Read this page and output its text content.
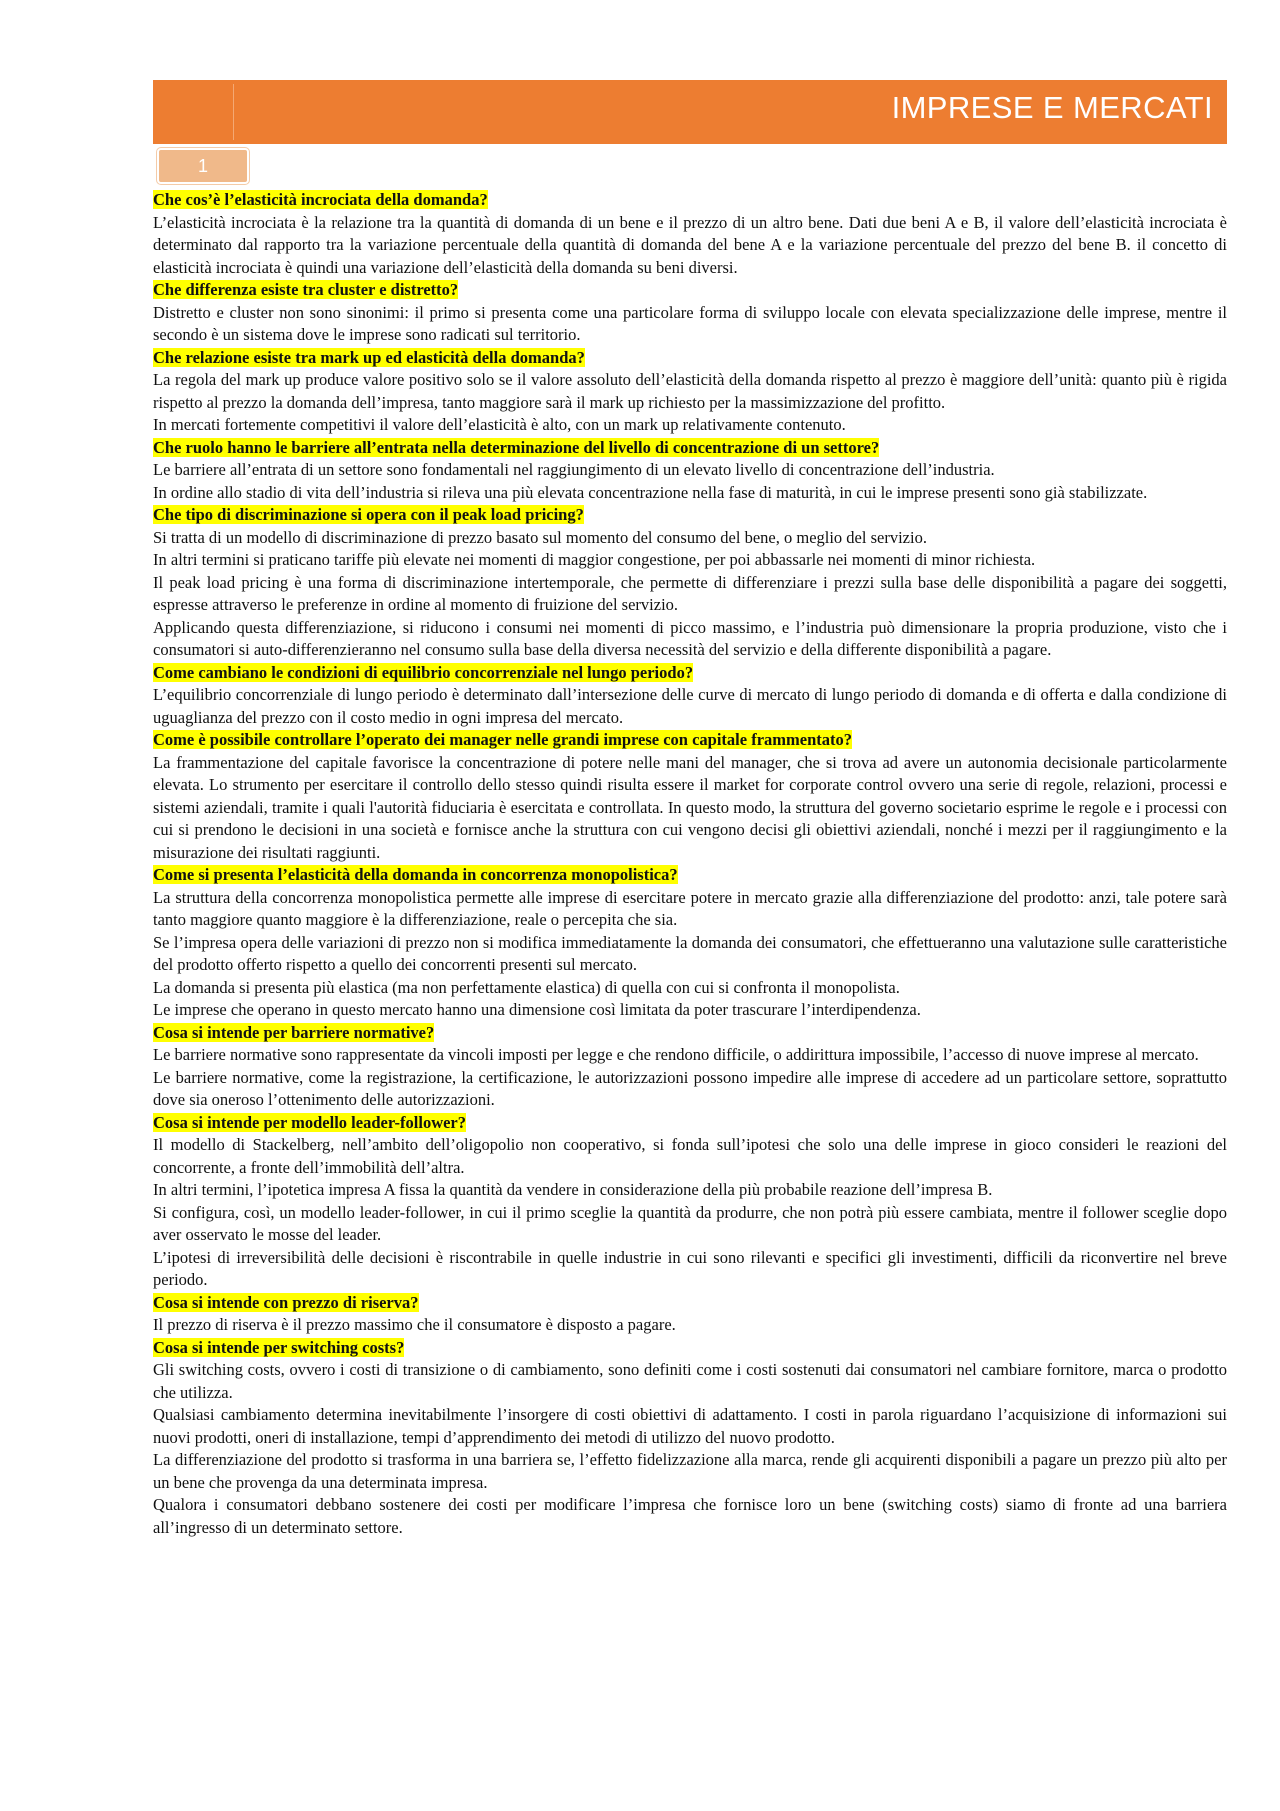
IMPRESE E MERCATI
1

Che cos’è l’elasticità incrociata della domanda?

L’elasticità incrociata è la relazione tra la quantità di domanda di un bene e il prezzo di un altro bene. Dati due beni A e B, il valore dell’elasticità incrociata è determinato dal rapporto tra la variazione percentuale della quantità di domanda del bene A e la variazione percentuale del prezzo del bene B. il concetto di elasticità incrociata è quindi una variazione dell’elasticità della domanda su beni diversi.

Che differenza esiste tra cluster e distretto?

Distretto e cluster non sono sinonimi: il primo si presenta come una particolare forma di sviluppo locale con elevata specializzazione delle imprese, mentre il secondo è un sistema dove le imprese sono radicati sul territorio.

Che relazione esiste tra mark up ed elasticità della domanda?

La regola del mark up produce valore positivo solo se il valore assoluto dell’elasticità della domanda rispetto al prezzo è maggiore dell’unità: quanto più è rigida rispetto al prezzo la domanda dell’impresa, tanto maggiore sarà il mark up richiesto per la massimizzazione del profitto.

In mercati fortemente competitivi il valore dell’elasticità è alto, con un mark up relativamente contenuto.

Che ruolo hanno le barriere all’entrata nella determinazione del livello di concentrazione di un settore?

Le barriere all’entrata di un settore sono fondamentali nel raggiungimento di un elevato livello di concentrazione dell’industria.

In ordine allo stadio di vita dell’industria si rileva una più elevata concentrazione nella fase di maturità, in cui le imprese presenti sono già stabilizzate.

Che tipo di discriminazione si opera con il peak load pricing?

Si tratta di un modello di discriminazione di prezzo basato sul momento del consumo del bene, o meglio del servizio.

In altri termini si praticano tariffe più elevate nei momenti di maggior congestione, per poi abbassarle nei momenti di minor richiesta.

Il peak load pricing è una forma di discriminazione intertemporale, che permette di differenziare i prezzi sulla base delle disponibilità a pagare dei soggetti, espresse attraverso le preferenze in ordine al momento di fruizione del servizio.

Applicando questa differenziazione, si riducono i consumi nei momenti di picco massimo, e l’industria può dimensionare la propria produzione, visto che i consumatori si auto-differenzieranno nel consumo sulla base della diversa necessità del servizio e della differente disponibilità a pagare.

Come cambiano le condizioni di equilibrio concorrenziale nel lungo periodo?

L’equilibrio concorrenziale di lungo periodo è determinato dall’intersezione delle curve di mercato di lungo periodo di domanda e di offerta e dalla condizione di uguaglianza del prezzo con il costo medio in ogni impresa del mercato.

Come è possibile controllare l’operato dei manager nelle grandi imprese con capitale frammentato?

La frammentazione del capitale favorisce la concentrazione di potere nelle mani del manager, che si trova ad avere un autonomia decisionale particolarmente elevata. Lo strumento per esercitare il controllo dello stesso quindi risulta essere il market for corporate control ovvero una serie di regole, relazioni, processi e sistemi aziendali, tramite i quali l'autorità fiduciaria è esercitata e controllata. In questo modo, la struttura del governo societario esprime le regole e i processi con cui si prendono le decisioni in una società e fornisce anche la struttura con cui vengono decisi gli obiettivi aziendali, nonché i mezzi per il raggiungimento e la misurazione dei risultati raggiunti.

Come si presenta l’elasticità della domanda in concorrenza monopolistica?

La struttura della concorrenza monopolistica permette alle imprese di esercitare potere in mercato grazie alla differenziazione del prodotto: anzi, tale potere sarà tanto maggiore quanto maggiore è la differenziazione, reale o percepita che sia.

Se l’impresa opera delle variazioni di prezzo non si modifica immediatamente la domanda dei consumatori, che effettueranno una valutazione sulle caratteristiche del prodotto offerto rispetto a quello dei concorrenti presenti sul mercato.

La domanda si presenta più elastica (ma non perfettamente elastica) di quella con cui si confronta il monopolista.

Le imprese che operano in questo mercato hanno una dimensione così limitata da poter trascurare l’interdipendenza.

Cosa si intende per barriere normative?

Le barriere normative sono rappresentate da vincoli imposti per legge e che rendono difficile, o addirittura impossibile, l’accesso di nuove imprese al mercato.

Le barriere normative, come la registrazione, la certificazione, le autorizzazioni possono impedire alle imprese di accedere ad un particolare settore, soprattutto dove sia oneroso l’ottenimento delle autorizzazioni.

Cosa si intende per modello leader-follower?

Il modello di Stackelberg, nell’ambito dell’oligopolio non cooperativo, si fonda sull’ipotesi che solo una delle imprese in gioco consideri le reazioni del concorrente, a fronte dell’immobilità dell’altra.

In altri termini, l’ipotetica impresa A fissa la quantità da vendere in considerazione della più probabile reazione dell’impresa B.

Si configura, così, un modello leader-follower, in cui il primo sceglie la quantità da produrre, che non potrà più essere cambiata, mentre il follower sceglie dopo aver osservato le mosse del leader.

L’ipotesi di irreversibilità delle decisioni è riscontrabile in quelle industrie in cui sono rilevanti e specifici gli investimenti, difficili da riconvertire nel breve periodo.

Cosa si intende con prezzo di riserva?

Il prezzo di riserva è il prezzo massimo che il consumatore è disposto a pagare.

Cosa si intende per switching costs?

Gli switching costs, ovvero i costi di transizione o di cambiamento, sono definiti come i costi sostenuti dai consumatori nel cambiare fornitore, marca o prodotto che utilizza.

Qualsiasi cambiamento determina inevitabilmente l’insorgere di costi obiettivi di adattamento. I costi in parola riguardano l’acquisizione di informazioni sui nuovi prodotti, oneri di installazione, tempi d’apprendimento dei metodi di utilizzo del nuovo prodotto.

La differenziazione del prodotto si trasforma in una barriera se, l’effetto fidelizzazione alla marca, rende gli acquirenti disponibili a pagare un prezzo più alto per un bene che provenga da una determinata impresa.

Qualora i consumatori debbano sostenere dei costi per modificare l’impresa che fornisce loro un bene (switching costs) siamo di fronte ad una barriera all’ingresso di un determinato settore.
